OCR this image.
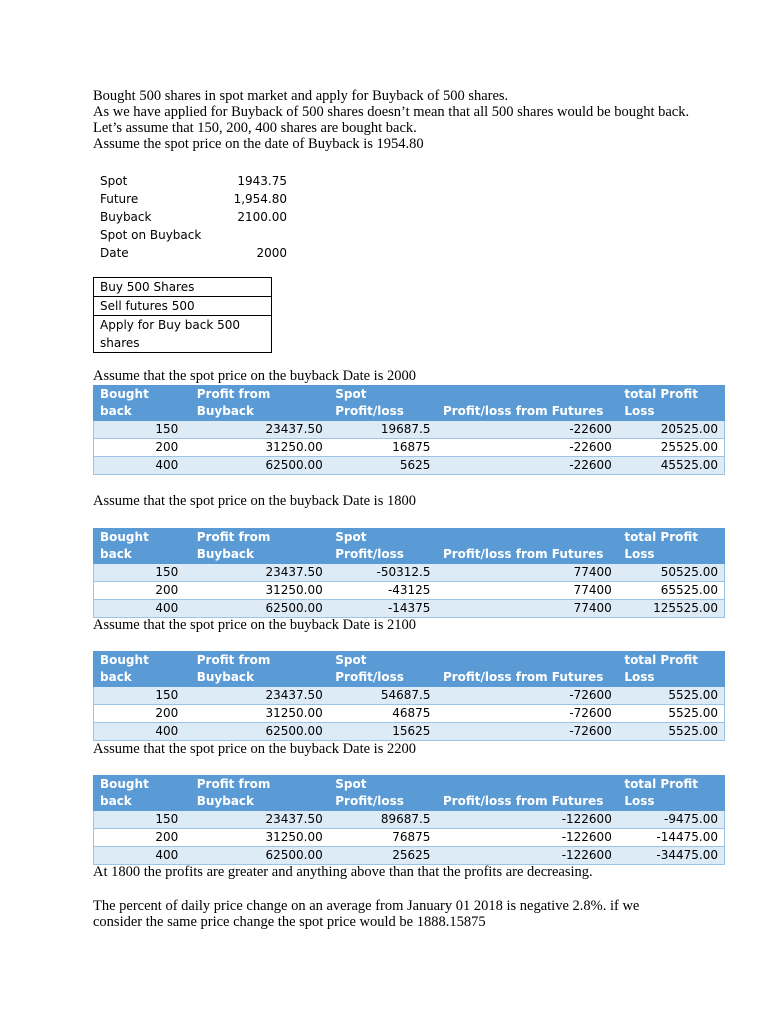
Bought 500 shares in spot market and apply for Buyback of 500 shares.

As we have applied for Buyback of 500 shares doesn’t mean that all 500 shares would be bought back.

Let’s assume that 150, 200, 400 shares are bought back.

Assume the spot price on the date of Buyback is 1954.80

Spot	1943.75
Future	1,954.80
Buyback	2100.00
Spot on Buyback
Date	2000
Buy 500 Shares
Sell futures 500
Apply for Buy back 500 shares

Assume that the spot price on the buyback Date is 2000

Bought back	Profit from Buyback	Spot Profit/loss	Profit/loss from Futures	total Profit Loss
150	23437.50	19687.5	-22600	20525.00
200	31250.00	16875	-22600	25525.00
400	62500.00	5625	-22600	45525.00

Assume that the spot price on the buyback Date is 1800

Bought back	Profit from Buyback	Spot Profit/loss	Profit/loss from Futures	total Profit Loss
150	23437.50	-50312.5	77400	50525.00
200	31250.00	-43125	77400	65525.00
400	62500.00	-14375	77400	125525.00

Assume that the spot price on the buyback Date is 2100

Bought back	Profit from Buyback	Spot Profit/loss	Profit/loss from Futures	total Profit Loss
150	23437.50	54687.5	-72600	5525.00
200	31250.00	46875	-72600	5525.00
400	62500.00	15625	-72600	5525.00

Assume that the spot price on the buyback Date is 2200

Bought back	Profit from Buyback	Spot Profit/loss	Profit/loss from Futures	total Profit Loss
150	23437.50	89687.5	-122600	-9475.00
200	31250.00	76875	-122600	-14475.00
400	62500.00	25625	-122600	-34475.00

At 1800 the profits are greater and anything above than that the profits are decreasing.

The percent of daily price change on an average from January 01 2018 is negative 2.8%. if we consider the same price change the spot price would be 1888.15875
